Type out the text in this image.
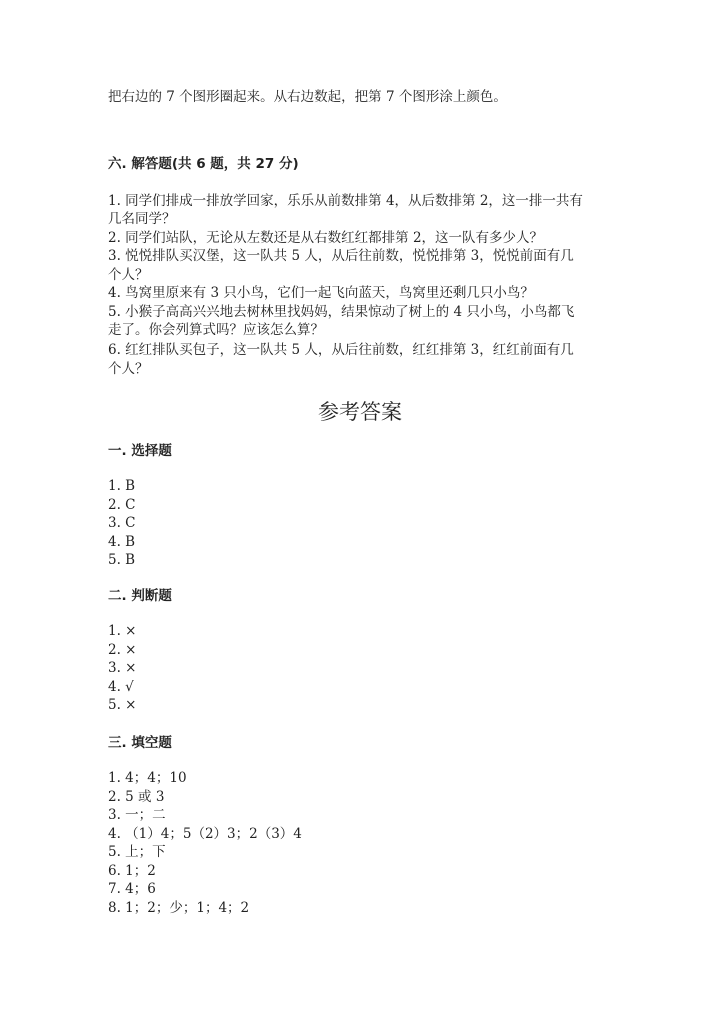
把右边的 7 个图形圈起来。从右边数起，把第 7 个图形涂上颜色。
六. 解答题(共 6 题，共 27 分)
1. 同学们排成一排放学回家，乐乐从前数排第 4，从后数排第 2，这一排一共有
几名同学？
2. 同学们站队，无论从左数还是从右数红红都排第 2，这一队有多少人？
3. 悦悦排队买汉堡，这一队共 5 人，从后往前数，悦悦排第 3，悦悦前面有几
个人？
4. 鸟窝里原来有 3 只小鸟，它们一起飞向蓝天，鸟窝里还剩几只小鸟？
5. 小猴子高高兴兴地去树林里找妈妈，结果惊动了树上的 4 只小鸟，小鸟都飞
走了。你会列算式吗？应该怎么算？
6. 红红排队买包子，这一队共 5 人，从后往前数，红红排第 3，红红前面有几
个人？
参考答案
一. 选择题
1. B
2. C
3. C
4. B
5. B
二. 判断题
1. ×
2. ×
3. ×
4. √
5. ×
三. 填空题
1. 4；4；10
2. 5 或 3
3. 一；二
4. （1）4；5（2）3；2（3）4
5. 上；下
6. 1；2
7. 4；6
8. 1；2；少；1；4；2
